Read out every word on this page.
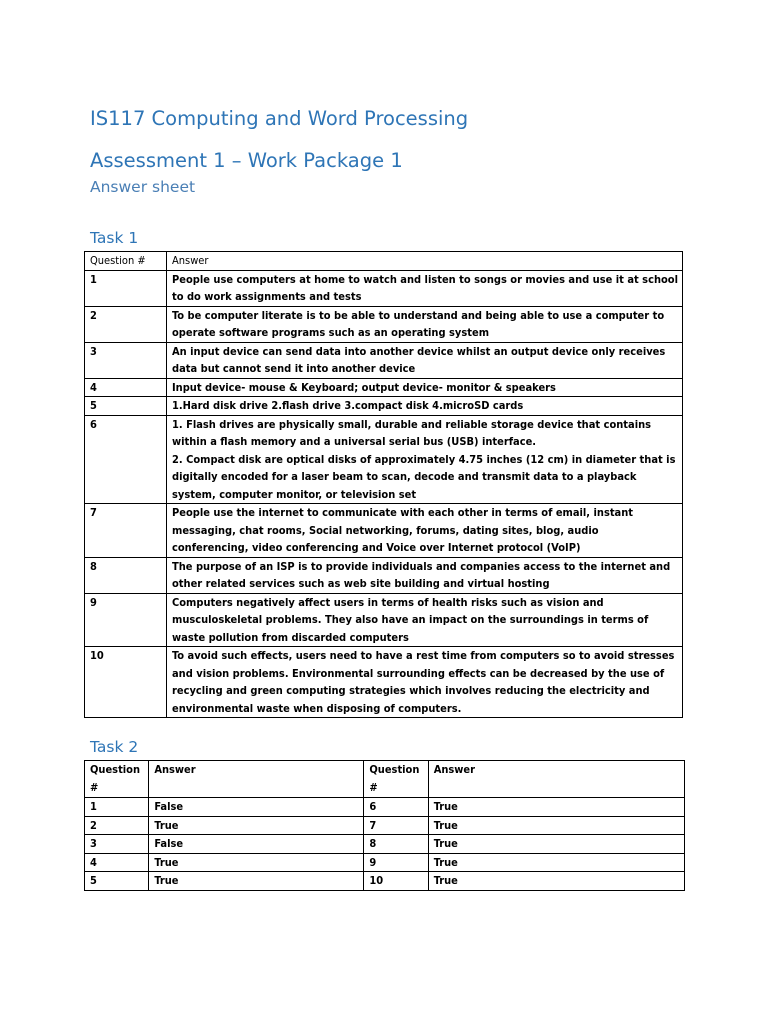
IS117 Computing and Word Processing
Assessment 1 – Work Package 1

Answer sheet

Task 1

Question #	Answer
1	People use computers at home to watch and listen to songs or movies and use it at school to do work assignments and tests
2	To be computer literate is to be able to understand and being able to use a computer to operate software programs such as an operating system
3	An input device can send data into another device whilst an output device only receives data but cannot send it into another device
4	Input device- mouse & Keyboard; output device- monitor & speakers
5	1.Hard disk drive 2.flash drive 3.compact disk 4.microSD cards
6	1. Flash drives are physically small, durable and reliable storage device that contains within a flash memory and a universal serial bus (USB) interface.
2. Compact disk are optical disks of approximately 4.75 inches (12 cm) in diameter that is digitally encoded for a laser beam to scan, decode and transmit data to a playback system, computer monitor, or television set
7	People use the internet to communicate with each other in terms of email, instant messaging, chat rooms, Social networking, forums, dating sites, blog, audio conferencing, video conferencing and Voice over Internet protocol (VoIP)
8	The purpose of an ISP is to provide individuals and companies access to the internet and other related services such as web site building and virtual hosting
9	Computers negatively affect users in terms of health risks such as vision and musculoskeletal problems. They also have an impact on the surroundings in terms of waste pollution from discarded computers
10	To avoid such effects, users need to have a rest time from computers so to avoid stresses and vision problems. Environmental surrounding effects can be decreased by the use of recycling and green computing strategies which involves reducing the electricity and environmental waste when disposing of computers.

Task 2

Question #	Answer	Question #	Answer
1	False	6	True
2	True	7	True
3	False	8	True
4	True	9	True
5	True	10	True
